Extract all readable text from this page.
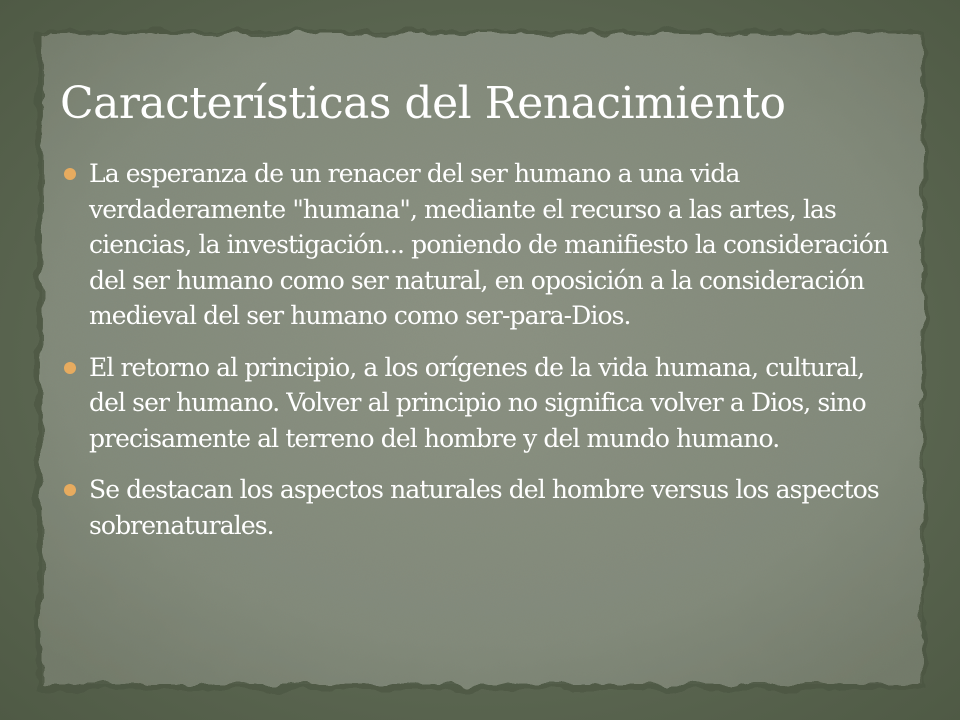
Características del Renacimiento
La esperanza de un renacer del ser humano a una vida verdaderamente "humana", mediante el recurso a las artes, las ciencias, la investigación... poniendo de manifiesto la consideración del ser humano como ser natural, en oposición a la consideración medieval del ser humano como ser-para-Dios.
El retorno al principio, a los orígenes de la vida humana, cultural, del ser humano. Volver al principio no significa volver a Dios, sino precisamente al terreno del hombre y del mundo humano.
Se destacan los aspectos naturales del hombre versus los aspectos sobrenaturales.
